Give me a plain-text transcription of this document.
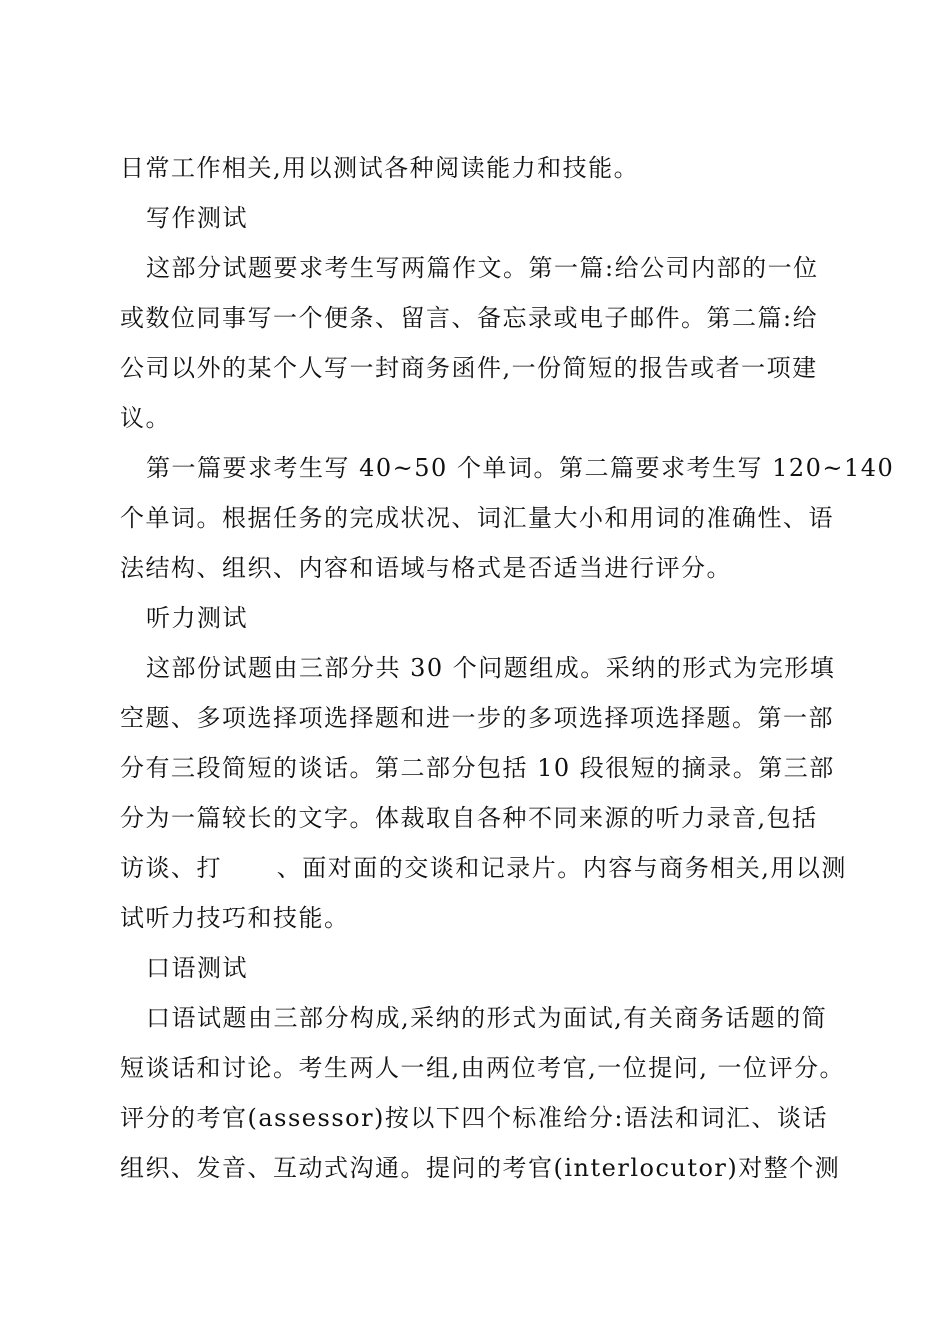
日常工作相关,用以测试各种阅读能力和技能。
写作测试
这部分试题要求考生写两篇作文。第一篇:给公司内部的一位
或数位同事写一个便条、留言、备忘录或电子邮件。第二篇:给
公司以外的某个人写一封商务函件,一份简短的报告或者一项建
议。
第一篇要求考生写 40~50 个单词。第二篇要求考生写 120~140
个单词。根据任务的完成状况、词汇量大小和用词的准确性、语
法结构、组织、内容和语域与格式是否适当进行评分。
听力测试
这部份试题由三部分共 30 个问题组成。采纳的形式为完形填
空题、多项选择项选择题和进一步的多项选择项选择题。第一部
分有三段简短的谈话。第二部分包括 10 段很短的摘录。第三部
分为一篇较长的文字。体裁取自各种不同来源的听力录音,包括
访谈、打      、面对面的交谈和记录片。内容与商务相关,用以测
试听力技巧和技能。
口语测试
口语试题由三部分构成,采纳的形式为面试,有关商务话题的简
短谈话和讨论。考生两人一组,由两位考官,一位提问, 一位评分。
评分的考官(assessor)按以下四个标准给分:语法和词汇、谈话
组织、发音、互动式沟通。提问的考官(interlocutor)对整个测
